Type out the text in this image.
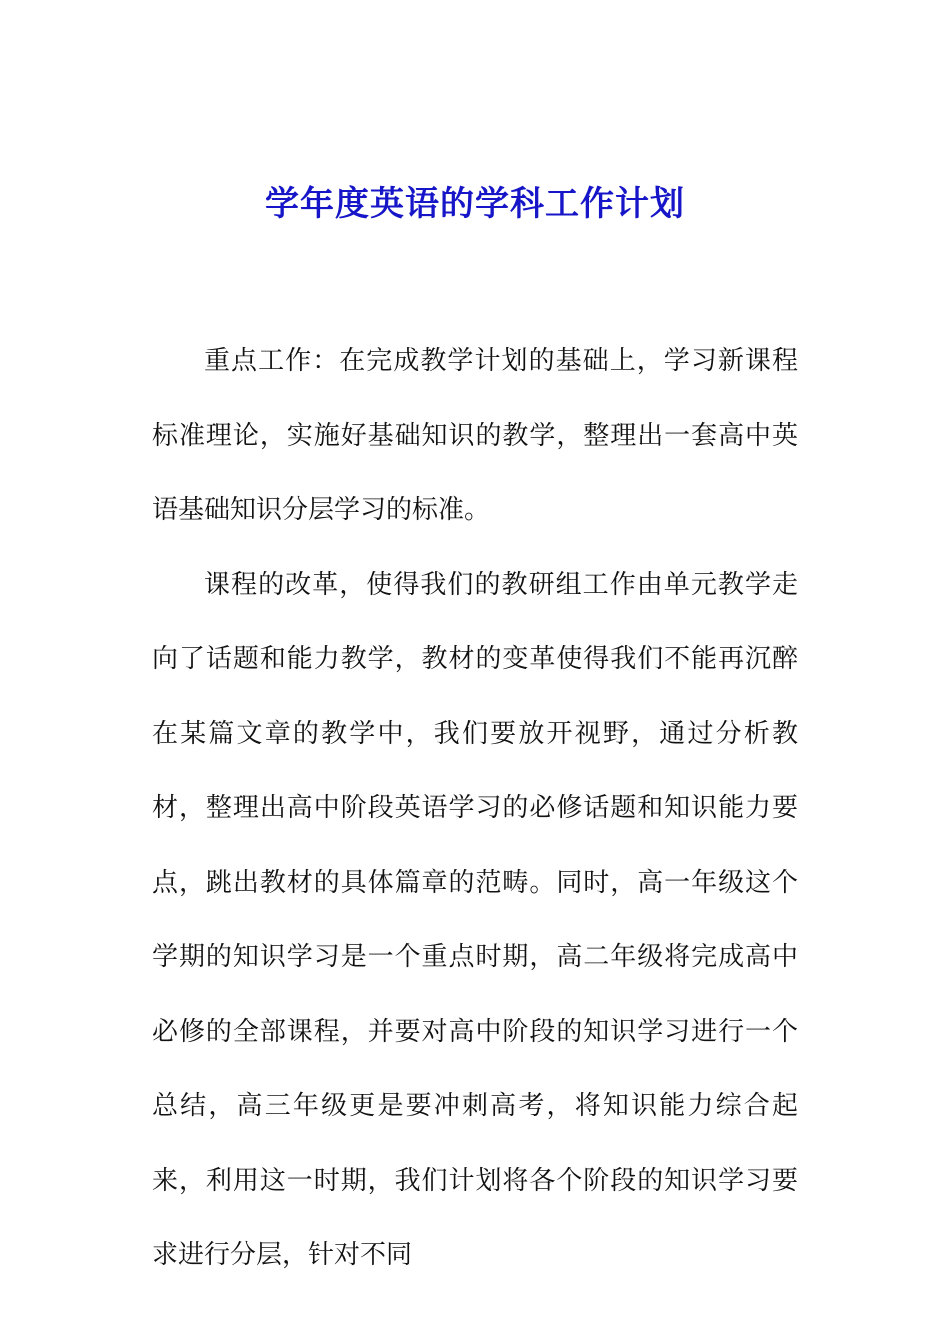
学年度英语的学科工作计划

重点工作：在完成教学计划的基础上，学习新课程标准理论，实施好基础知识的教学，整理出一套高中英语基础知识分层学习的标准。

课程的改革，使得我们的教研组工作由单元教学走向了话题和能力教学，教材的变革使得我们不能再沉醉在某篇文章的教学中，我们要放开视野，通过分析教材，整理出高中阶段英语学习的必修话题和知识能力要点，跳出教材的具体篇章的范畴。同时，高一年级这个学期的知识学习是一个重点时期，高二年级将完成高中必修的全部课程，并要对高中阶段的知识学习进行一个总结，高三年级更是要冲刺高考，将知识能力综合起来，利用这一时期，我们计划将各个阶段的知识学习要求进行分层，针对不同
